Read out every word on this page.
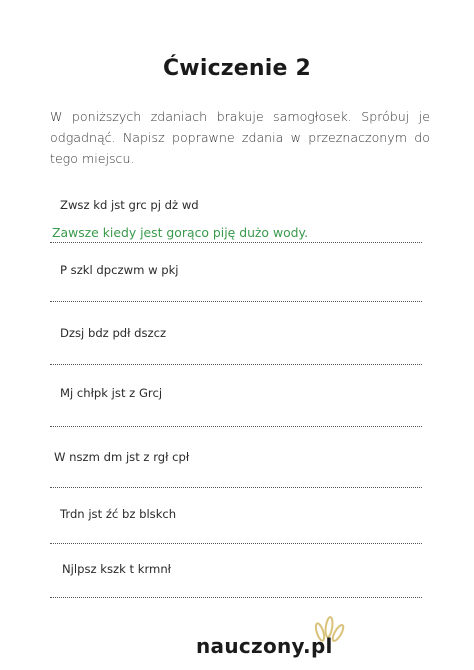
Ćwiczenie 2
W poniższych zdaniach brakuje samogłosek. Spróbuj je odgadnąć. Napisz poprawne zdania w przeznaczonym do tego miejscu.
Zwsz kd jst grc pj dż wd
Zawsze kiedy jest gorąco piję dużo wody.
P szkl dpczwm w pkj
Dzsj bdz pdł dszcz
Mj chłpk jst z Grcj
W nszm dm jst z rgł cpł
Trdn jst źć bz blskch
Njlpsz kszk t krmnł
nauczony.pl
